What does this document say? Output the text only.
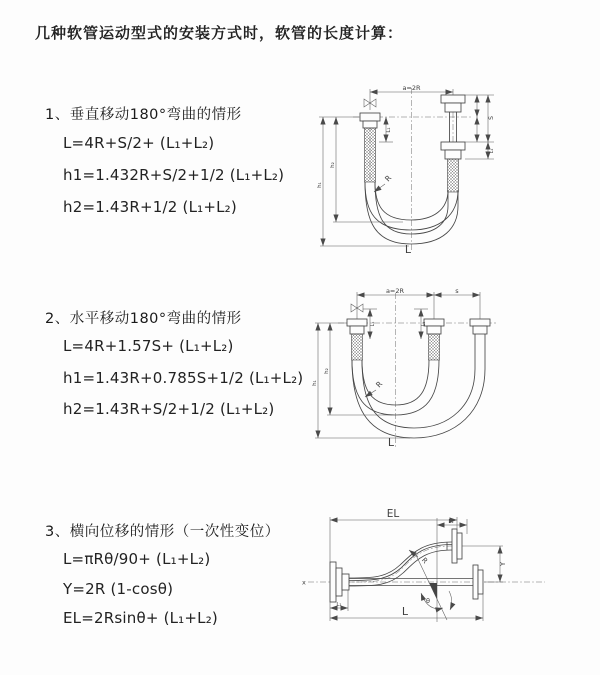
几种软管运动型式的安装方式时，软管的长度计算：
1、垂直移动180°弯曲的情形
L=4R+S/2+ (L₁+L₂)
h1=1.432R+S/2+1/2 (L₁+L₂)
h2=1.43R+1/2 (L₁+L₂)
2、水平移动180°弯曲的情形
L=4R+1.57S+ (L₁+L₂)
h1=1.43R+0.785S+1/2 (L₁+L₂)
h2=1.43R+S/2+1/2 (L₁+L₂)
3、横向位移的情形（一次性变位）
L=πRθ/90+ (L₁+L₂)
Y=2R (1-cosθ)
EL=2Rsinθ+ (L₁+L₂)
a=2R
L₁
S
L₁
h₂
h₁
R
L
a=2R	s
L₁	L₁
h₂
h₁	R
L
EL
L₁
Y
L₁	L
R
θ
x
